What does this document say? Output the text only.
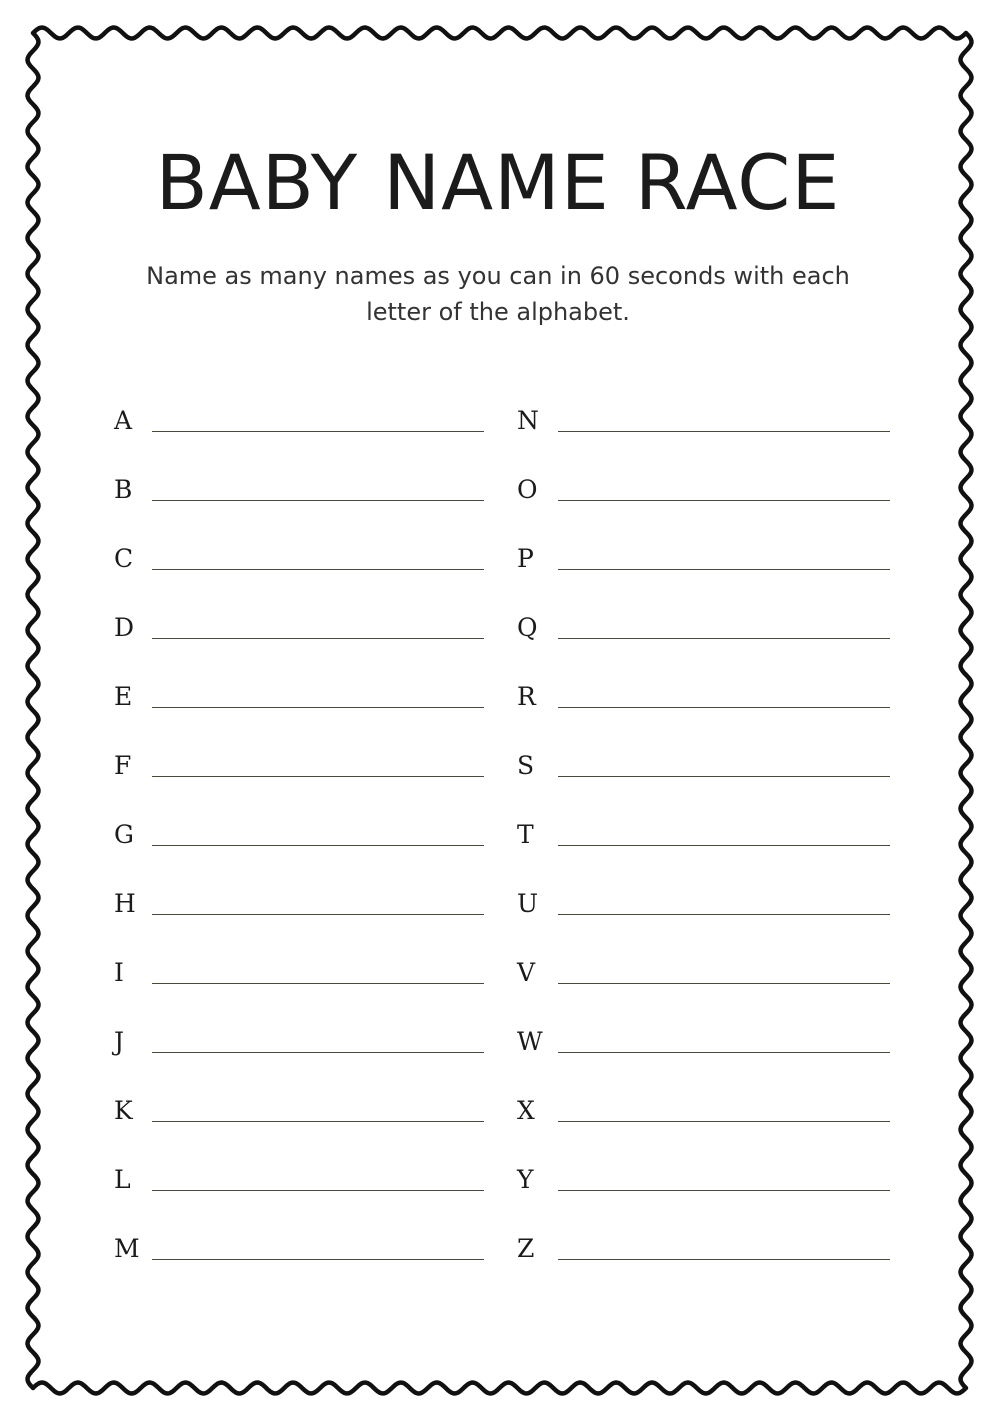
BABY NAME RACE

Name as many names as you can in 60 seconds with each letter of the alphabet.

A
B
C
D
E
F
G
H
I
J
K
L
M
N
O
P
Q
R
S
T
U
V
W
X
Y
Z
